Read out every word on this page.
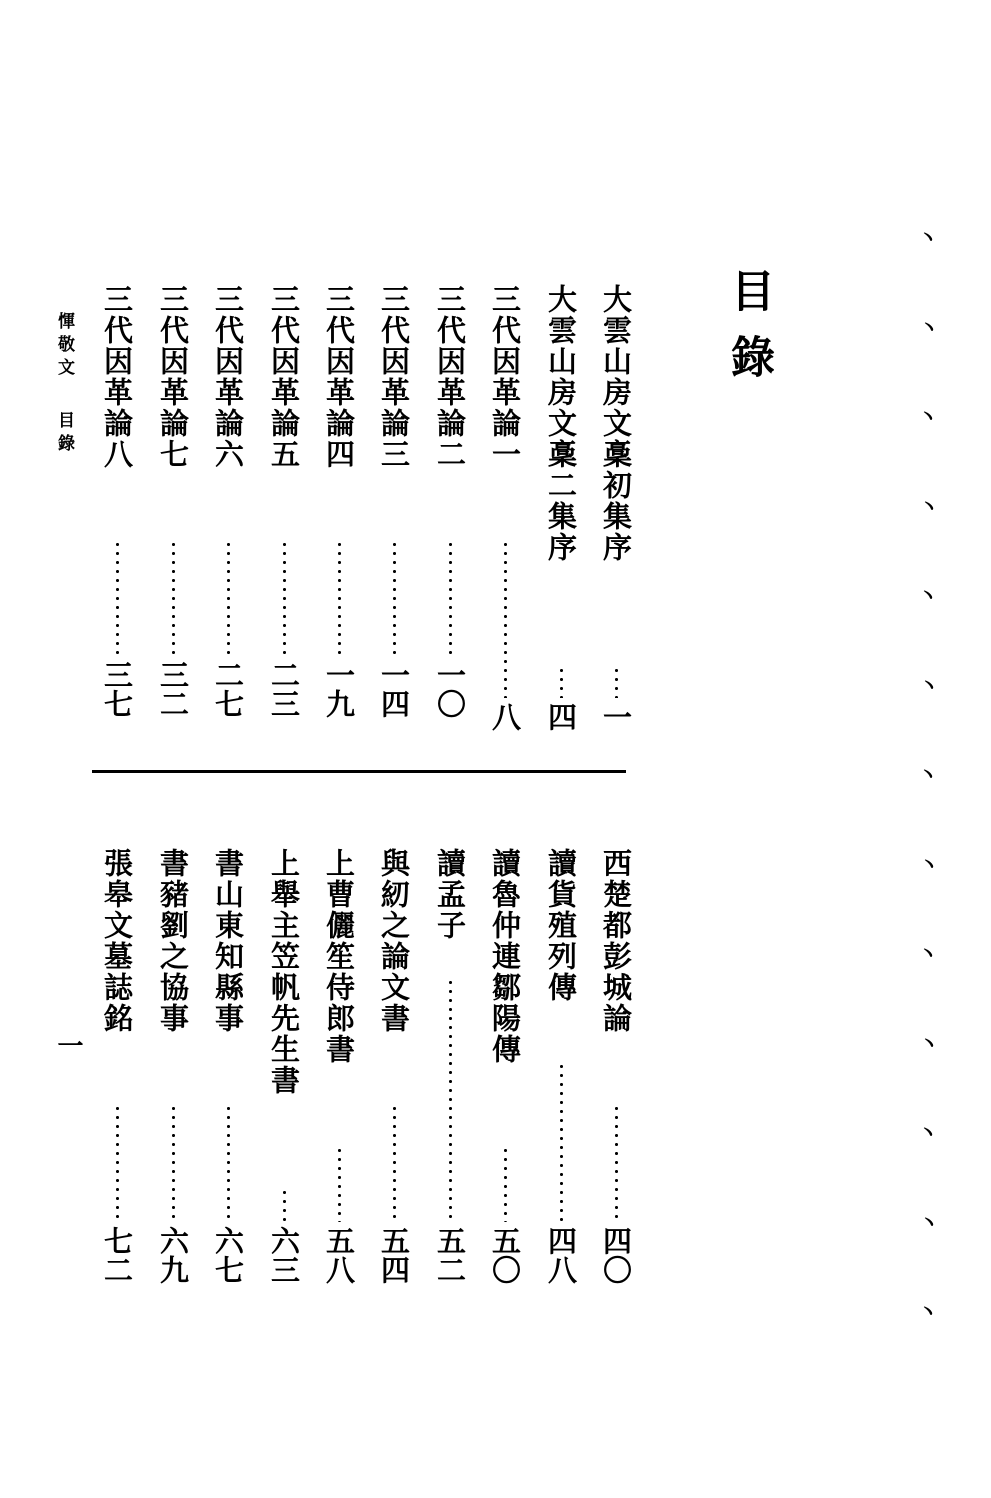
目錄
大雲山房文稾初集序
一
大雲山房文稾二集序
四
三代因革論一
八
三代因革論二
一〇
三代因革論三
一四
三代因革論四
一九
三代因革論五
二三
三代因革論六
二七
三代因革論七
三二
三代因革論八
三七
西楚都彭城論
四〇
讀貨殖列傳
四八
讀魯仲連鄒陽傳
五〇
讀孟子
五二
與紉之論文書
五四
上曹儷笙侍郎書
五八
上舉主笠帆先生書
六三
書山東知縣事
六七
書豬劉之協事
六九
張皋文墓誌銘
七二
惲敬文目錄
一
丶
丶
丶
丶
丶
丶
丶
丶
丶
丶
丶
丶
丶
